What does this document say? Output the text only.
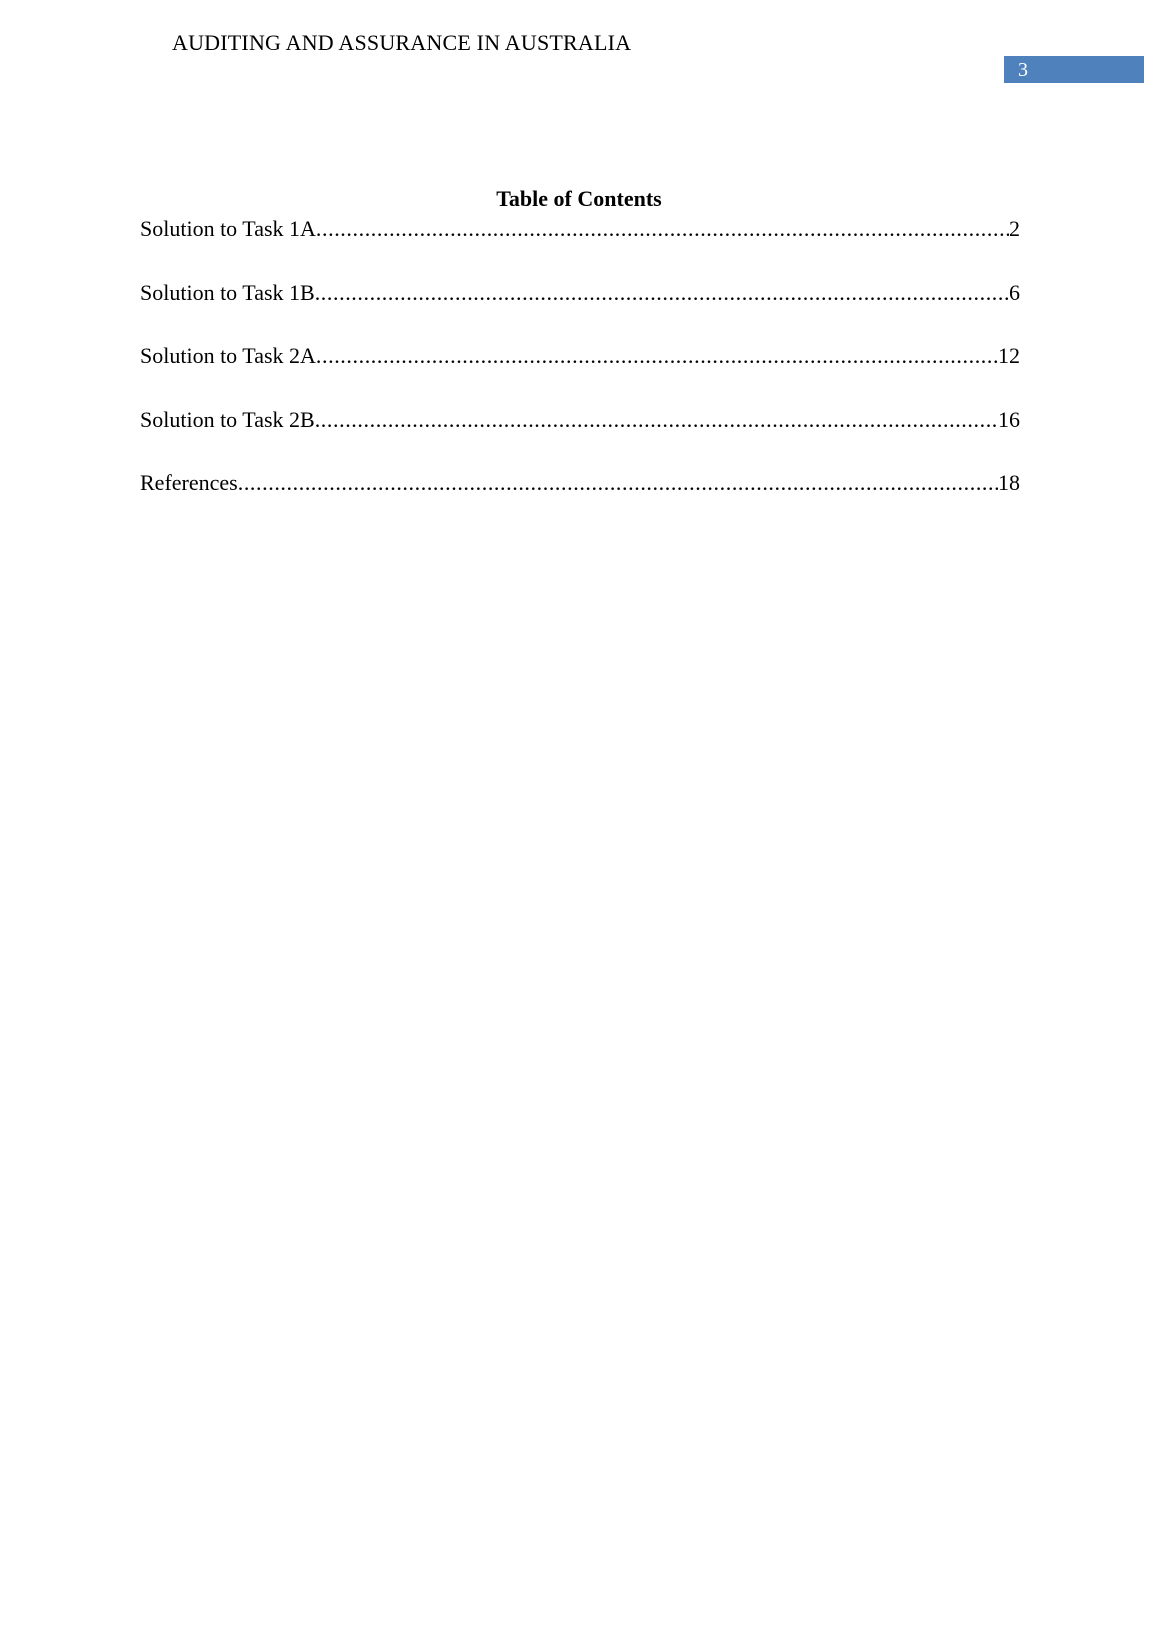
AUDITING AND ASSURANCE IN AUSTRALIA
3
Table of Contents
Solution to Task 1A .....	2
Solution to Task 1B .....	6
Solution to Task 2A .....	12
Solution to Task 2B .....	16
References .....	18
